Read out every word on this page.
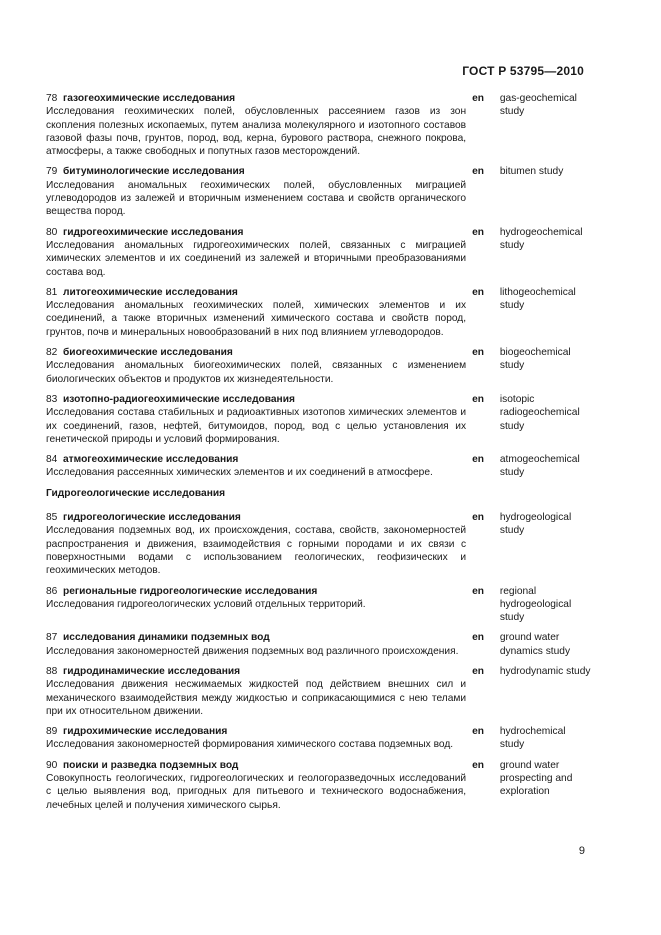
ГОСТ Р 53795—2010
78 газогеохимические исследования
Исследования геохимических полей, обусловленных рассеянием газов из зон скопления полезных ископаемых, путем анализа молекулярного и изотопного составов газовой фазы почв, грунтов, пород, вод, керна, бурового раствора, снежного покрова, атмосферы, а также свободных и попутных газов месторождений.
en	gas-geochemical study
79 битуминологические исследования
Исследования аномальных геохимических полей, обусловленных миграцией углеводородов из залежей и вторичным изменением состава и свойств органического вещества пород.
en	bitumen study
80 гидрогеохимические исследования
Исследования аномальных гидрогеохимических полей, связанных с миграцией химических элементов и их соединений из залежей и вторичными преобразованиями состава вод.
en	hydrogeochemical study
81 литогеохимические исследования
Исследования аномальных геохимических полей, химических элементов и их соединений, а также вторичных изменений химического состава и свойств пород, грунтов, почв и минеральных новообразований в них под влиянием углеводородов.
en	lithogeochemical study
82 биогеохимические исследования
Исследования аномальных биогеохимических полей, связанных с изменением биологических объектов и продуктов их жизнедеятельности.
en	biogeochemical study
83 изотопно-радиогеохимические исследования
Исследования состава стабильных и радиоактивных изотопов химических элементов и их соединений, газов, нефтей, битумоидов, пород, вод с целью установления их генетической природы и условий формирования.
en	isotopic radiogeochemical study
84 атмогеохимические исследования
Исследования рассеянных химических элементов и их соединений в атмосфере.
en	atmogeochemical study
Гидрогеологические исследования
85 гидрогеологические исследования
Исследования подземных вод, их происхождения, состава, свойств, закономерностей распространения и движения, взаимодействия с горными породами и их связи с поверхностными водами с использованием геологических, геофизических и геохимических методов.
en	hydrogeological study
86 региональные гидрогеологические исследования
Исследования гидрогеологических условий отдельных территорий.
en	regional hydrogeological study
87 исследования динамики подземных вод
Исследования закономерностей движения подземных вод различного происхождения.
en	ground water dynamics study
88 гидродинамические исследования
Исследования движения несжимаемых жидкостей под действием внешних сил и механического взаимодействия между жидкостью и соприкасающимися с нею телами при их относительном движении.
en	hydrodynamic study
89 гидрохимические исследования
Исследования закономерностей формирования химического состава подземных вод.
en	hydrochemical study
90 поиски и разведка подземных вод
Совокупность геологических, гидрогеологических и геологоразведочных исследований с целью выявления вод, пригодных для питьевого и технического водоснабжения, лечебных целей и получения химического сырья.
en	ground water prospecting and exploration
9
